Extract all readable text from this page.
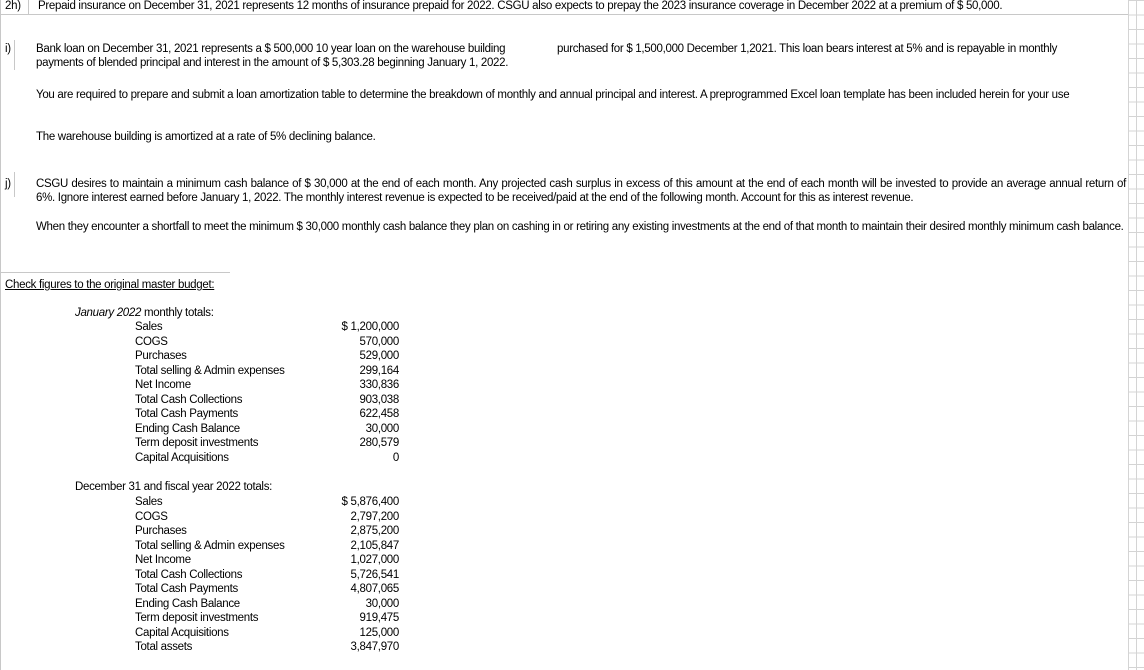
2h) Prepaid insurance on December 31, 2021 represents 12 months of insurance prepaid for 2022. CSGU also expects to prepay the 2023 insurance coverage in December 2022 at a premium of $ 50,000.
i) Bank loan on December 31, 2021 represents a $ 500,000 10 year loan on the warehouse building	purchased for $ 1,500,000 December 1,2021. This loan bears interest at 5% and is repayable in monthly
payments of blended principal and interest in the amount of $ 5,303.28 beginning January 1, 2022.
You are required to prepare and submit a loan amortization table to determine the breakdown of monthly and annual principal and interest. A preprogrammed Excel loan template has been included herein for your use
The warehouse building is amortized at a rate of 5% declining balance.
j) CSGU desires to maintain a minimum cash balance of $ 30,000 at the end of each month. Any projected cash surplus in excess of this amount at the end of each month will be invested to provide an average annual return of 6%. Ignore interest earned before January 1, 2022. The monthly interest revenue is expected to be received/paid at the end of the following month. Account for this as interest revenue.
When they encounter a shortfall to meet the minimum $ 30,000 monthly cash balance they plan on cashing in or retiring any existing investments at the end of that month to maintain their desired monthly minimum cash balance.
Check figures to the original master budget:
January 2022 monthly totals:
Sales
COGS
Purchases
Total selling & Admin expenses
Net Income
Total Cash Collections
Total Cash Payments
Ending Cash Balance
Term deposit investments
Capital Acquisitions
$ 1,200,000
570,000
529,000
299,164
330,836
903,038
622,458
30,000
280,579
0
December 31 and fiscal year 2022 totals:
Sales
COGS
Purchases
Total selling & Admin expenses
Net Income
Total Cash Collections
Total Cash Payments
Ending Cash Balance
Term deposit investments
Capital Acquisitions
Total assets
$ 5,876,400
2,797,200
2,875,200
2,105,847
1,027,000
5,726,541
4,807,065
30,000
919,475
125,000
3,847,970
